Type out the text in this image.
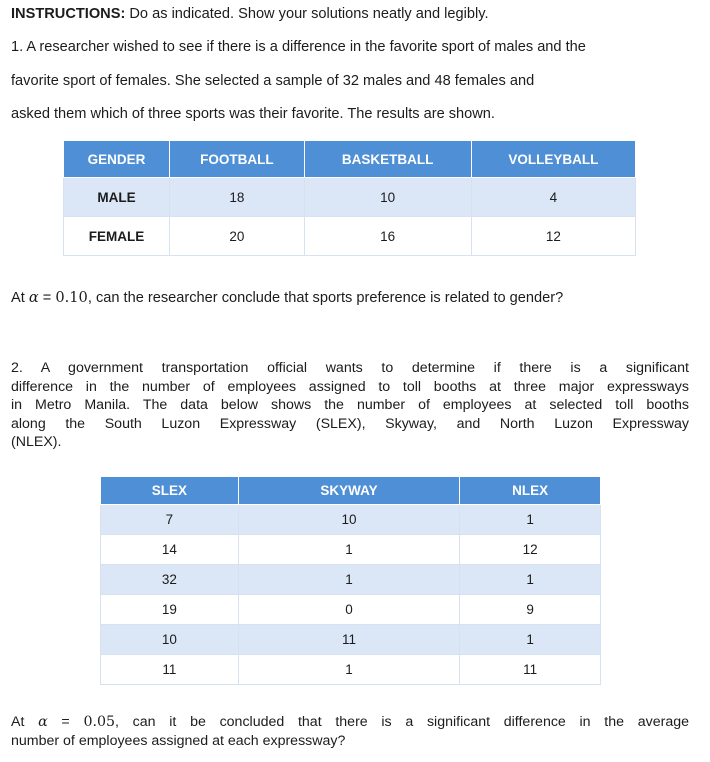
INSTRUCTIONS: Do as indicated. Show your solutions neatly and legibly.
1. A researcher wished to see if there is a difference in the favorite sport of males and the
favorite sport of females. She selected a sample of 32 males and 48 females and
asked them which of three sports was their favorite. The results are shown.
GENDER	FOOTBALL	BASKETBALL	VOLLEYBALL
MALE	18	10	4
FEMALE	20	16	12
At α = 0.10, can the researcher conclude that sports preference is related to gender?
2. A government transportation official wants to determine if there is a significant
difference in the number of employees assigned to toll booths at three major expressways
in Metro Manila. The data below shows the number of employees at selected toll booths
along the South Luzon Expressway (SLEX), Skyway, and North Luzon Expressway
(NLEX).
SLEX	SKYWAY	NLEX
7	10	1
14	1	12
32	1	1
19	0	9
10	11	1
11	1	11
At α = 0.05, can it be concluded that there is a significant difference in the average
number of employees assigned at each expressway?
